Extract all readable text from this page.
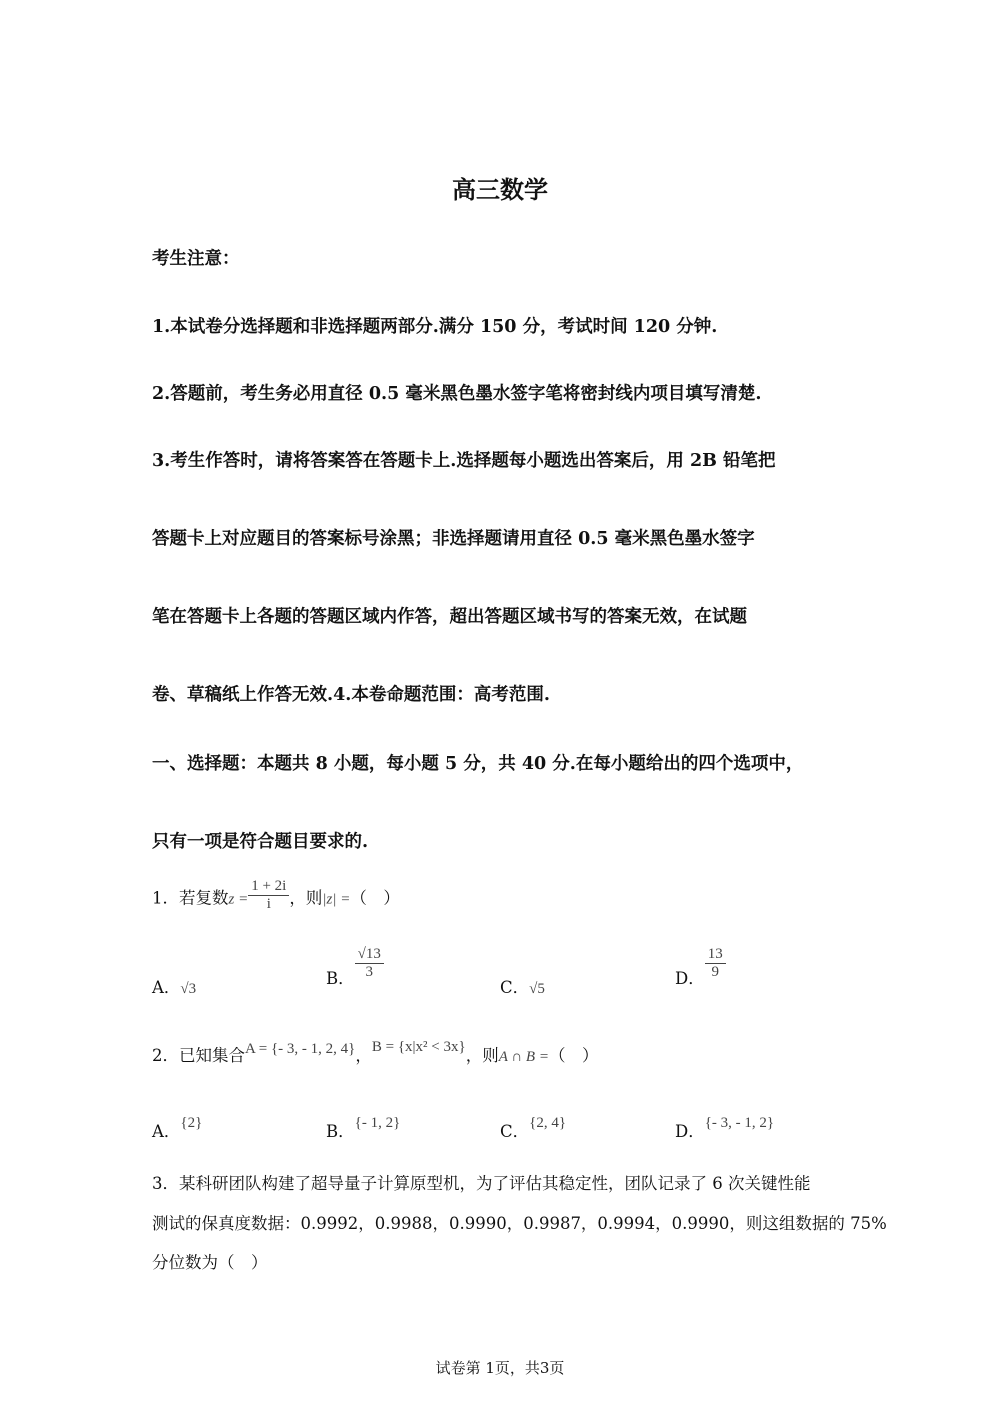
高三数学
考生注意：
1.本试卷分选择题和非选择题两部分.满分 150 分，考试时间 120 分钟.
2.答题前，考生务必用直径 0.5 毫米黑色墨水签字笔将密封线内项目填写清楚.
3.考生作答时，请将答案答在答题卡上.选择题每小题选出答案后，用 2B 铅笔把
答题卡上对应题目的答案标号涂黑；非选择题请用直径 0.5 毫米黑色墨水签字
笔在答题卡上各题的答题区域内作答，超出答题区域书写的答案无效，在试题
卷、草稿纸上作答无效.4.本卷命题范围：高考范围.
一、选择题：本题共 8 小题，每小题 5 分，共 40 分.在每小题给出的四个选项中，
只有一项是符合题目要求的.
1．若复数$z = \frac{1 + 2i}{i}$ ，则|z| =（　）
A．√3
B． $\frac{√13}{3}$
C．√5
D． $\frac{13}{9}$
2．已知集合A = {- 3, - 1, 2, 4}，B = {x|x² < 3x}，则A ∩ B =（　）
A．{2}	B．{- 1, 2}	C．{2, 4}	D．{- 3, - 1, 2}
3．某科研团队构建了超导量子计算原型机，为了评估其稳定性，团队记录了 6 次关键性能
测试的保真度数据：0.9992，0.9988，0.9990，0.9987，0.9994，0.9990，则这组数据的 75%
分位数为（　）
试卷第 1页，共3页
